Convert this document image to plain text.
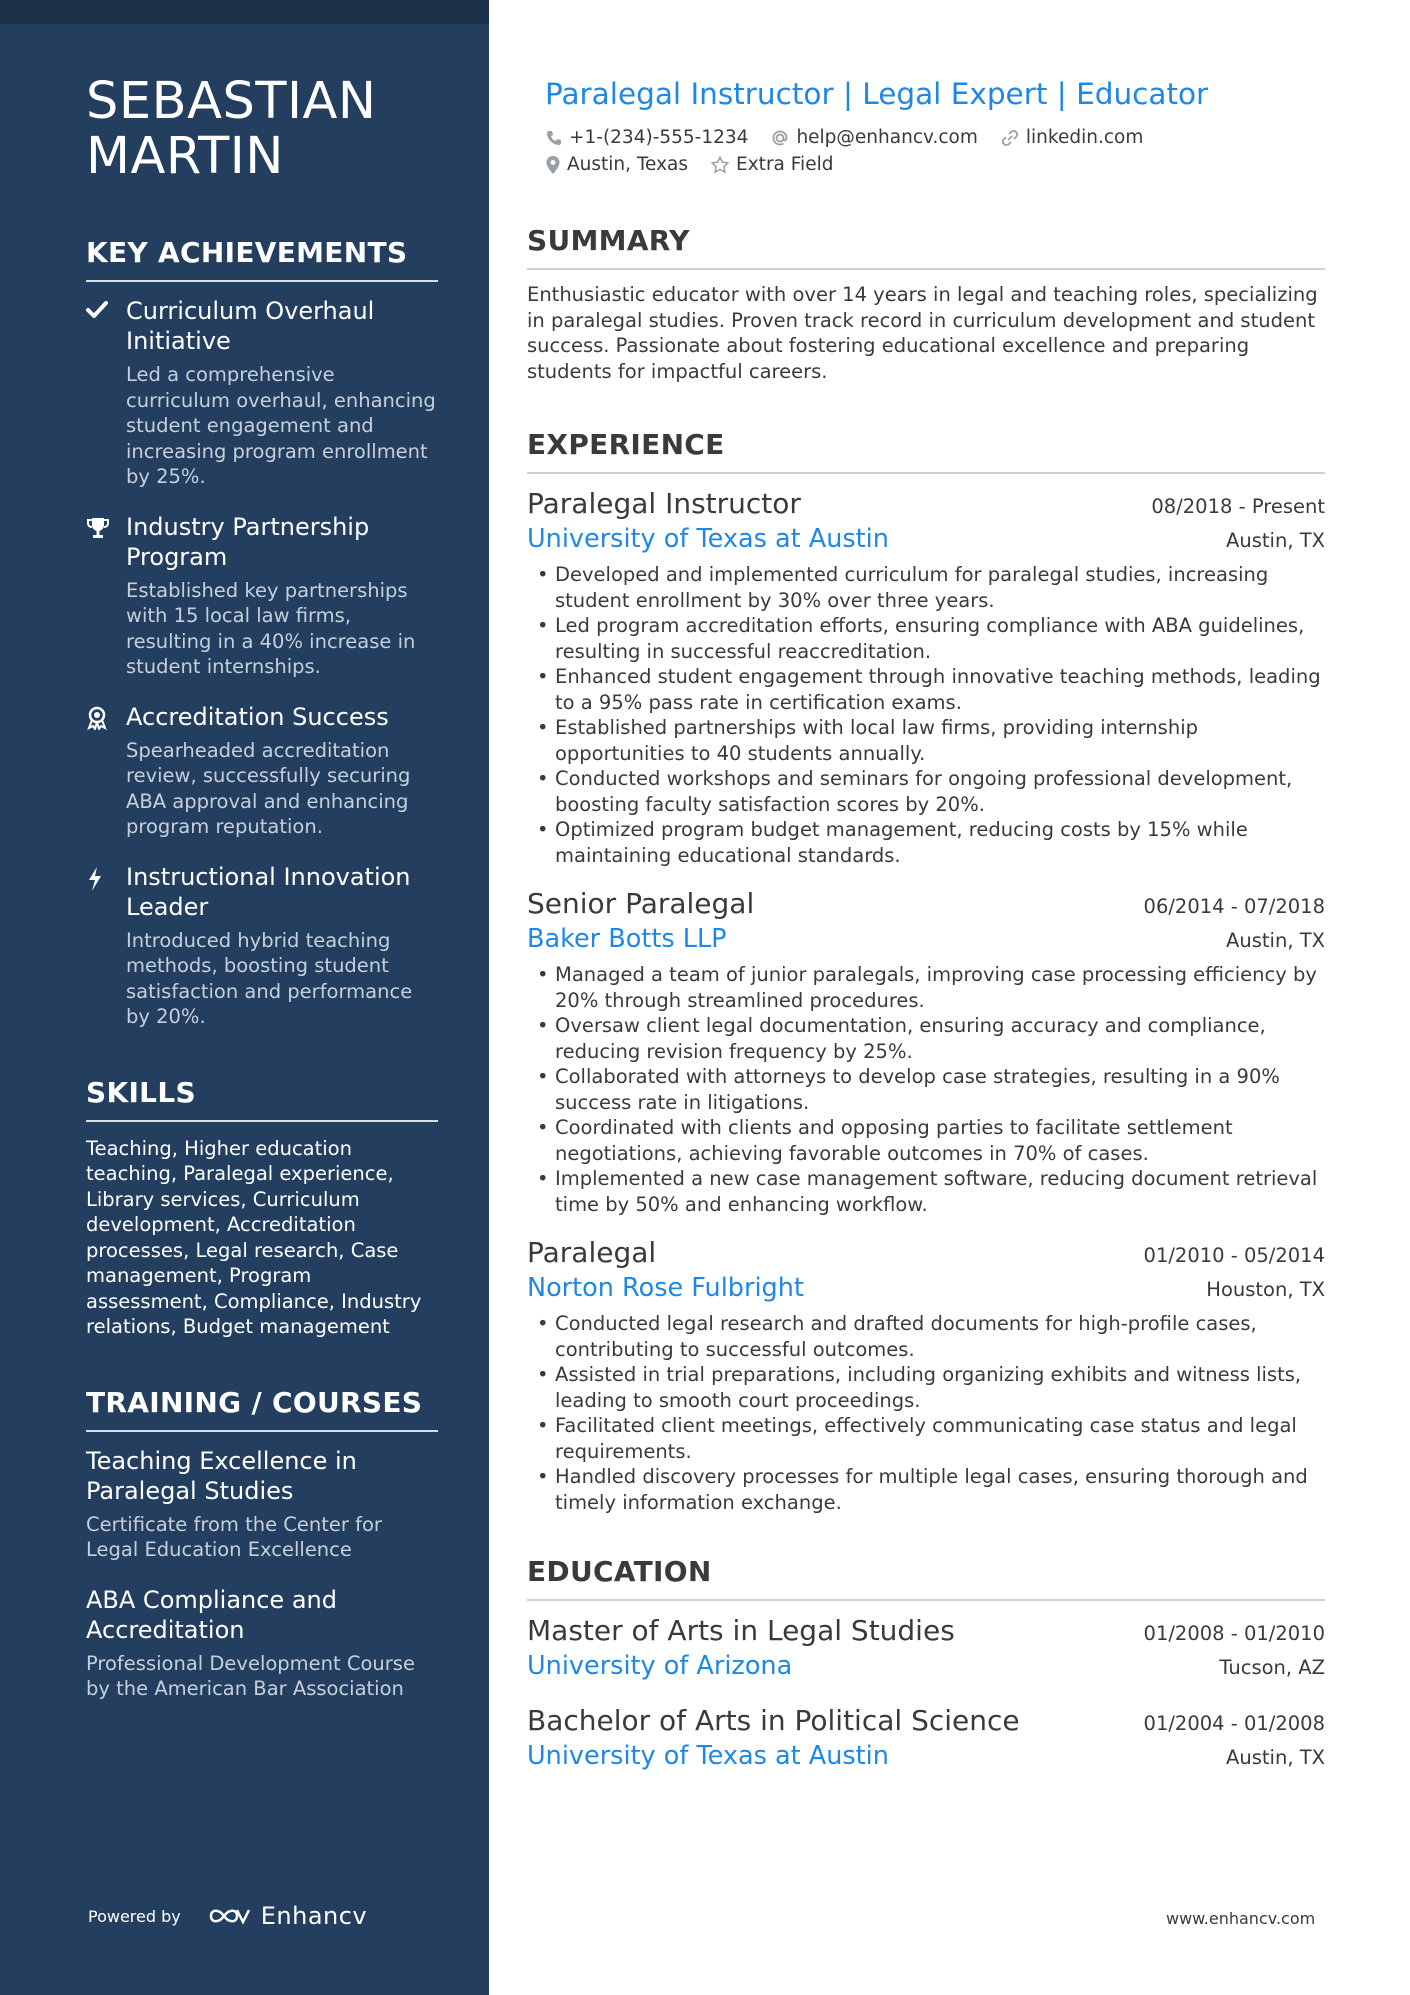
SEBASTIAN
MARTIN
KEY ACHIEVEMENTS
Curriculum Overhaul Initiative
Led a comprehensive curriculum overhaul, enhancing student engagement and increasing program enrollment by 25%.
Industry Partnership Program
Established key partnerships with 15 local law firms, resulting in a 40% increase in student internships.
Accreditation Success
Spearheaded accreditation review, successfully securing ABA approval and enhancing program reputation.
Instructional Innovation Leader
Introduced hybrid teaching methods, boosting student satisfaction and performance by 20%.
SKILLS

Teaching, Higher education teaching, Paralegal experience, Library services, Curriculum development, Accreditation processes, Legal research, Case management, Program assessment, Compliance, Industry relations, Budget management

TRAINING / COURSES
Teaching Excellence in Paralegal Studies
Certificate from the Center for Legal Education Excellence
ABA Compliance and Accreditation
Professional Development Course by the American Bar Association
Powered by	Enhancv
Paralegal Instructor | Legal Expert | Educator
+1-(234)-555-1234	help@enhancv.com	linkedin.com
Austin, Texas	Extra Field
SUMMARY

Enthusiastic educator with over 14 years in legal and teaching roles, specializing in paralegal studies. Proven track record in curriculum development and student success. Passionate about fostering educational excellence and preparing students for impactful careers.

EXPERIENCE
Paralegal Instructor	08/2018 - Present
University of Texas at Austin	Austin, TX
• Developed and implemented curriculum for paralegal studies, increasing student enrollment by 30% over three years.
• Led program accreditation efforts, ensuring compliance with ABA guidelines, resulting in successful reaccreditation.
• Enhanced student engagement through innovative teaching methods, leading to a 95% pass rate in certification exams.
• Established partnerships with local law firms, providing internship opportunities to 40 students annually.
• Conducted workshops and seminars for ongoing professional development, boosting faculty satisfaction scores by 20%.
• Optimized program budget management, reducing costs by 15% while maintaining educational standards.
Senior Paralegal	06/2014 - 07/2018
Baker Botts LLP	Austin, TX
• Managed a team of junior paralegals, improving case processing efficiency by 20% through streamlined procedures.
• Oversaw client legal documentation, ensuring accuracy and compliance, reducing revision frequency by 25%.
• Collaborated with attorneys to develop case strategies, resulting in a 90% success rate in litigations.
• Coordinated with clients and opposing parties to facilitate settlement negotiations, achieving favorable outcomes in 70% of cases.
• Implemented a new case management software, reducing document retrieval time by 50% and enhancing workflow.
Paralegal	01/2010 - 05/2014
Norton Rose Fulbright	Houston, TX
• Conducted legal research and drafted documents for high-profile cases, contributing to successful outcomes.
• Assisted in trial preparations, including organizing exhibits and witness lists, leading to smooth court proceedings.
• Facilitated client meetings, effectively communicating case status and legal requirements.
• Handled discovery processes for multiple legal cases, ensuring thorough and timely information exchange.
EDUCATION
Master of Arts in Legal Studies	01/2008 - 01/2010
University of Arizona	Tucson, AZ
Bachelor of Arts in Political Science	01/2004 - 01/2008
University of Texas at Austin	Austin, TX
www.enhancv.com
